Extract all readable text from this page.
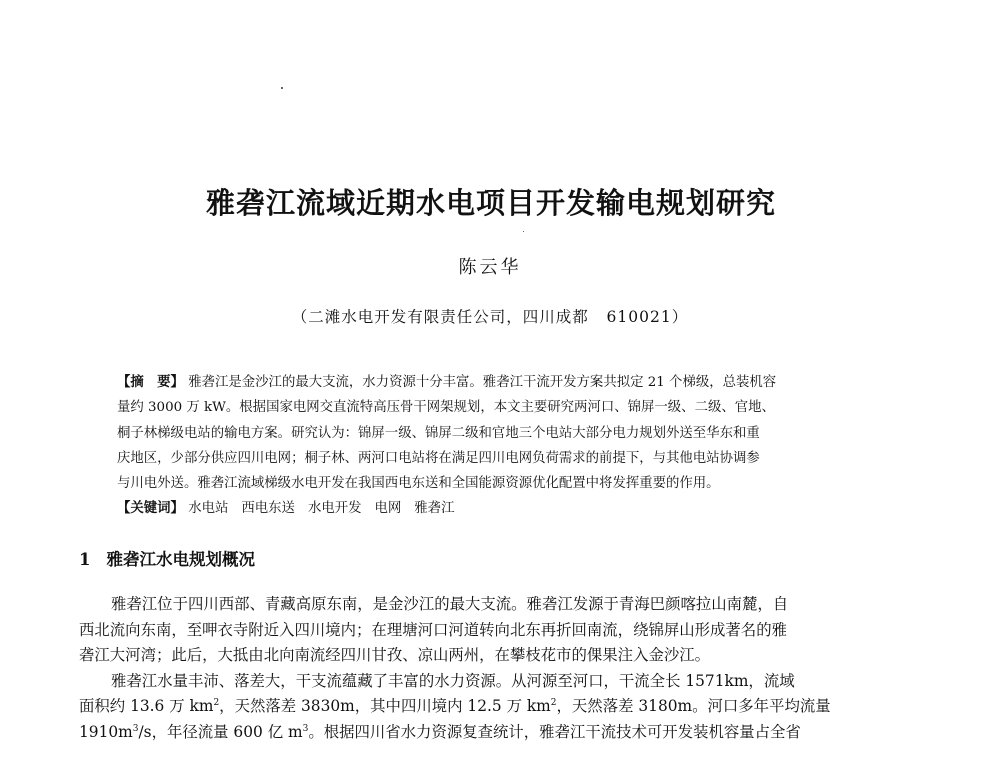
雅砻江流域近期水电项目开发输电规划研究
陈云华
（二滩水电开发有限责任公司，四川成都   610021）
【摘　要】 雅砻江是金沙江的最大支流，水力资源十分丰富。雅砻江干流开发方案共拟定 21 个梯级，总装机容
量约 3000 万 kW。根据国家电网交直流特高压骨干网架规划，本文主要研究两河口、锦屏一级、二级、官地、
桐子林梯级电站的输电方案。研究认为：锦屏一级、锦屏二级和官地三个电站大部分电力规划外送至华东和重
庆地区，少部分供应四川电网；桐子林、两河口电站将在满足四川电网负荷需求的前提下，与其他电站协调参
与川电外送。雅砻江流域梯级水电开发在我国西电东送和全国能源资源优化配置中将发挥重要的作用。
【关键词】 水电站 西电东送 水电开发 电网 雅砻江
1 雅砻江水电规划概况
雅砻江位于四川西部、青藏高原东南，是金沙江的最大支流。雅砻江发源于青海巴颜喀拉山南麓，自
西北流向东南，至呷衣寺附近入四川境内；在理塘河口河道转向北东再折回南流，绕锦屏山形成著名的雅
砻江大河湾；此后，大抵由北向南流经四川甘孜、凉山两州，在攀枝花市的倮果注入金沙江。
雅砻江水量丰沛、落差大，干支流蕴藏了丰富的水力资源。从河源至河口，干流全长 1571km，流域
面积约 13.6 万 $km^2$，天然落差 3830m，其中四川境内 12.5 万 $km^2$，天然落差 3180m。河口多年平均流量
$1910m^3/s$，年径流量 600 亿 $m^3$。根据四川省水力资源复查统计，雅砻江干流技术可开发装机容量占全省
